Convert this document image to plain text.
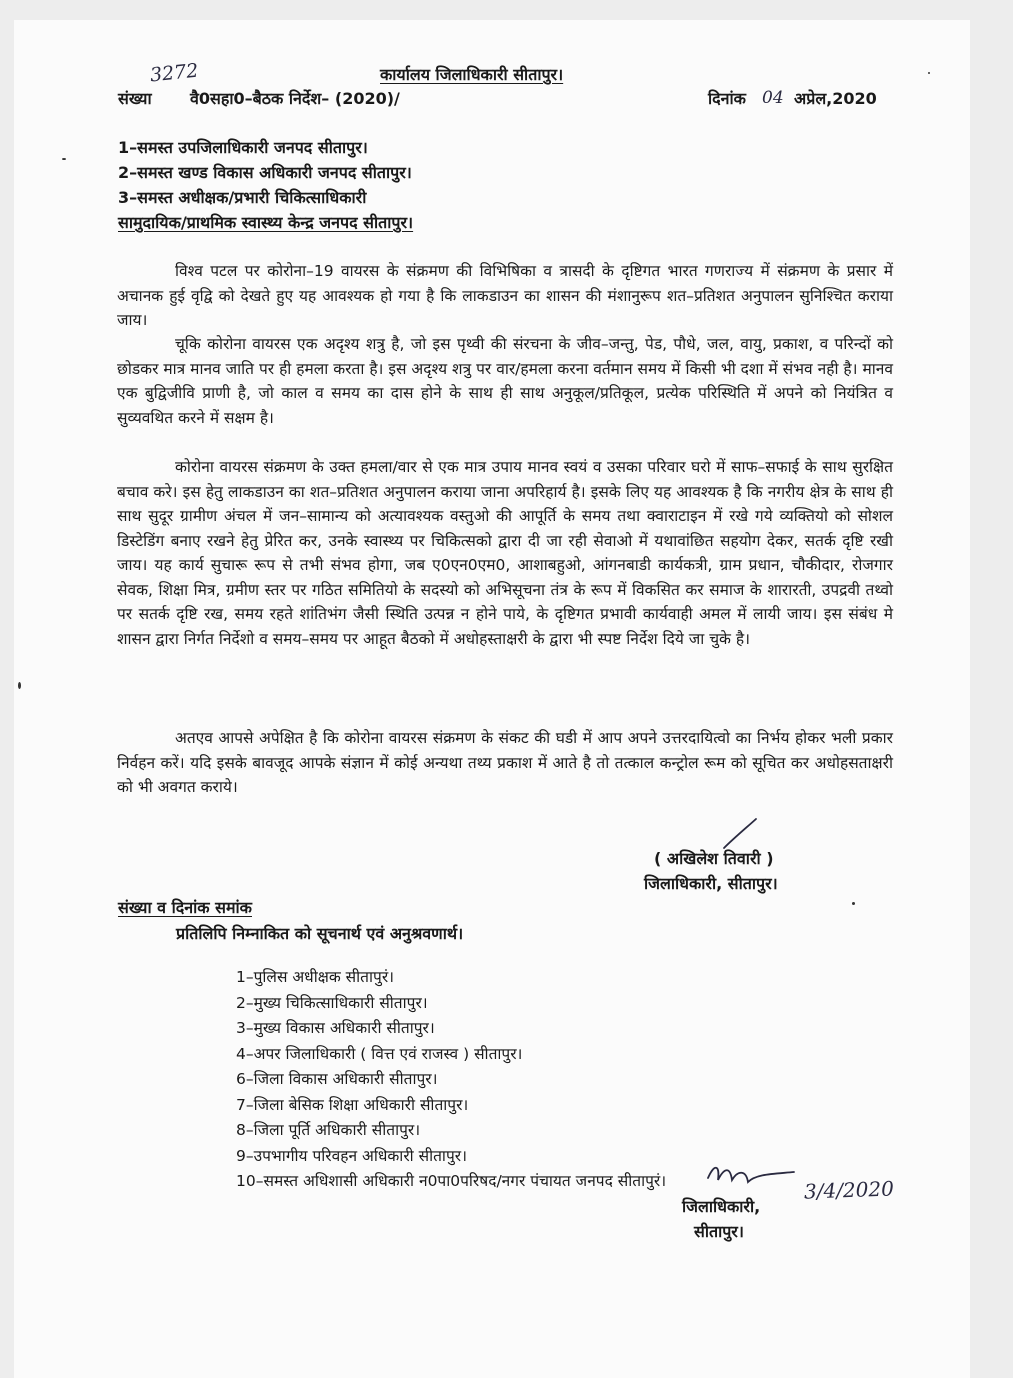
3272	कार्यालय जिलाधिकारी सीतापुर।
संख्या वै0सहा0–बैठक निर्देश– (2020)/	दिनांक 04 अप्रेल,2020
1–समस्त उपजिलाधिकारी जनपद सीतापुर।
2–समस्त खण्ड विकास अधिकारी जनपद सीतापुर।
3–समस्त अधीक्षक/प्रभारी चिकित्साधिकारी
सामुदायिक/प्राथमिक स्वास्थ्य केन्द्र जनपद सीतापुर।
विश्व पटल पर कोरोना–19 वायरस के संक्रमण की विभिषिका व त्रासदी के दृष्टिगत भारत गणराज्य में संक्रमण के प्रसार में अचानक हुई वृद्वि को देखते हुए यह आवश्यक हो गया है कि लाकडाउन का शासन की मंशानुरूप शत–प्रतिशत अनुपालन सुनिश्चित कराया जाय।
चूकि कोरोना वायरस एक अदृश्य शत्रु है, जो इस पृथ्वी की संरचना के जीव–जन्तु, पेड, पौधे, जल, वायु, प्रकाश, व परिन्दों को छोडकर मात्र मानव जाति पर ही हमला करता है। इस अदृश्य शत्रु पर वार/हमला करना वर्तमान समय में किसी भी दशा में संभव नही है। मानव एक बुद्विजीवि प्राणी है, जो काल व समय का दास होने के साथ ही साथ अनुकूल/प्रतिकूल, प्रत्येक परिस्थिति में अपने को नियंत्रित व सुव्यवथित करने में सक्षम है।
कोरोना वायरस संक्रमण के उक्त हमला/वार से एक मात्र उपाय मानव स्वयं व उसका परिवार घरो में साफ–सफाई के साथ सुरक्षित बचाव करे। इस हेतु लाकडाउन का शत–प्रतिशत अनुपालन कराया जाना अपरिहार्य है। इसके लिए यह आवश्यक है कि नगरीय क्षेत्र के साथ ही साथ सुदूर ग्रामीण अंचल में जन–सामान्य को अत्यावश्यक वस्तुओ की आपूर्ति के समय तथा क्वाराटाइन में रखे गये व्यक्तियो को सोशल डिस्टेडिंग बनाए रखने हेतु प्रेरित कर, उनके स्वास्थ्य पर चिकित्सको द्वारा दी जा रही सेवाओ में यथावांछित सहयोग देकर, सतर्क दृष्टि रखी जाय। यह कार्य सुचारू रूप से तभी संभव होगा, जब ए0एन0एम0, आशाबहुओ, आंगनबाडी कार्यकत्री, ग्राम प्रधान, चौकीदार, रोजगार सेवक, शिक्षा मित्र, ग्रमीण स्तर पर गठित समितियो के सदस्यो को अभिसूचना तंत्र के रूप में विकसित कर समाज के शारारती, उपद्रवी तथ्वो पर सतर्क दृष्टि रख, समय रहते शांतिभंग जैसी स्थिति उत्पन्न न होने पाये, के दृष्टिगत प्रभावी कार्यवाही अमल में लायी जाय। इस संबंध मे शासन द्वारा निर्गत निर्देशो व समय–समय पर आहूत बैठको में अधोहस्ताक्षरी के द्वारा भी स्पष्ट निर्देश दिये जा चुके है।
अतएव आपसे अपेक्षित है कि कोरोना वायरस संक्रमण के संकट की घडी में आप अपने उत्तरदायित्वो का निर्भय होकर भली प्रकार निर्वहन करें। यदि इसके बावजूद आपके संज्ञान में कोई अन्यथा तथ्य प्रकाश में आते है तो तत्काल कन्ट्रोल रूम को सूचित कर अधोहसताक्षरी को भी अवगत कराये।
( अखिलेश तिवारी )
जिलाधिकारी, सीतापुर।
संख्या व दिनांक समांक
प्रतिलिपि निम्नाकित को सूचनार्थ एवं अनुश्रवणार्थ।
1–पुलिस अधीक्षक सीतापुरं।
2–मुख्य चिकित्साधिकारी सीतापुर।
3–मुख्य विकास अधिकारी सीतापुर।
4–अपर जिलाधिकारी ( वित्त एवं राजस्व ) सीतापुर।
6–जिला विकास अधिकारी सीतापुर।
7–जिला बेसिक शिक्षा अधिकारी सीतापुर।
8–जिला पूर्ति अधिकारी सीतापुर।
9–उपभागीय परिवहन अधिकारी सीतापुर।
10–समस्त अधिशासी अधिकारी न0पा0परिषद/नगर पंचायत जनपद सीतापुरं।	3/4/2020
जिलाधिकारी,
सीतापुर।
